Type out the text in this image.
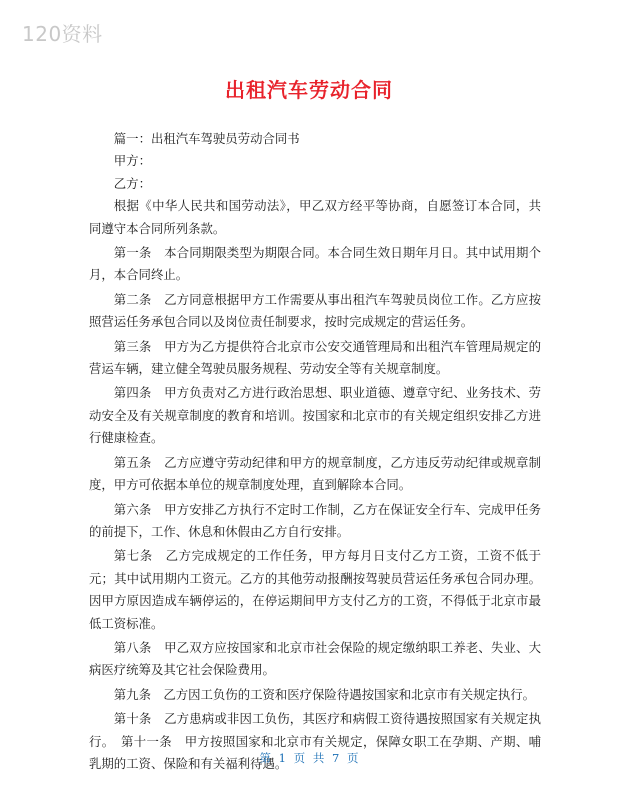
120资料
出租汽车劳动合同

篇一：出租汽车驾驶员劳动合同书

甲方：

乙方：

根据《中华人民共和国劳动法》，甲乙双方经平等协商，自愿签订本合同，共同遵守本合同所列条款。

第一条　本合同期限类型为期限合同。本合同生效日期年月日。其中试用期个月，本合同终止。

第二条　乙方同意根据甲方工作需要从事出租汽车驾驶员岗位工作。乙方应按照营运任务承包合同以及岗位责任制要求，按时完成规定的营运任务。

第三条　甲方为乙方提供符合北京市公安交通管理局和出租汽车管理局规定的营运车辆，建立健全驾驶员服务规程、劳动安全等有关规章制度。

第四条　甲方负责对乙方进行政治思想、职业道德、遵章守纪、业务技术、劳动安全及有关规章制度的教育和培训。按国家和北京市的有关规定组织安排乙方进行健康检查。

第五条　乙方应遵守劳动纪律和甲方的规章制度，乙方违反劳动纪律或规章制度，甲方可依据本单位的规章制度处理，直到解除本合同。

第六条　甲方安排乙方执行不定时工作制，乙方在保证安全行车、完成甲任务的前提下，工作、休息和休假由乙方自行安排。

第七条　乙方完成规定的工作任务，甲方每月日支付乙方工资，工资不低于元；其中试用期内工资元。乙方的其他劳动报酬按驾驶员营运任务承包合同办理。因甲方原因造成车辆停运的，在停运期间甲方支付乙方的工资，不得低于北京市最低工资标准。

第八条　甲乙双方应按国家和北京市社会保险的规定缴纳职工养老、失业、大病医疗统筹及其它社会保险费用。

第九条　乙方因工负伤的工资和医疗保险待遇按国家和北京市有关规定执行。

第十条　乙方患病或非因工负伤，其医疗和病假工资待遇按照国家有关规定执行。　第十一条　甲方按照国家和北京市有关规定，保障女职工在孕期、产期、哺乳期的工资、保险和有关福利待遇。

第 1 页 共 7 页
